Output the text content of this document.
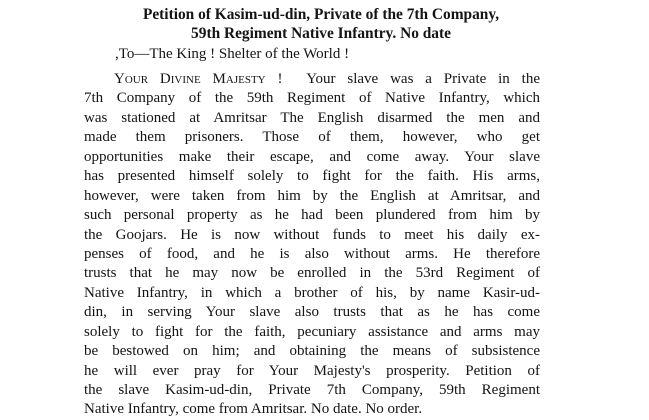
Petition of Kasim-ud-din, Private of the 7th Company,
59th Regiment Native Infantry. No date

,To—The King ! Shelter of the World !

Your Divine Majesty ! Your slave was a Private in the
7th Company of the 59th Regiment of Native Infantry, which
was stationed at Amritsar The English disarmed the men and
made them prisoners. Those of them, however, who get
opportunities make their escape, and come away. Your slave
has presented himself solely to fight for the faith. His arms,
however, were taken from him by the English at Amritsar, and
such personal property as he had been plundered from him by
the Goojars. He is now without funds to meet his daily ex-
penses of food, and he is also without arms. He therefore
trusts that he may now be enrolled in the 53rd Regiment of
Native Infantry, in which a brother of his, by name Kasir-ud-
din, in serving Your slave also trusts that as he has come
solely to fight for the faith, pecuniary assistance and arms may
be bestowed on him; and obtaining the means of subsistence
he will ever pray for Your Majesty's prosperity. Petition of
the slave Kasim-ud-din, Private 7th Company, 59th Regiment
Native Infantry, come from Amritsar. No date. No order.
